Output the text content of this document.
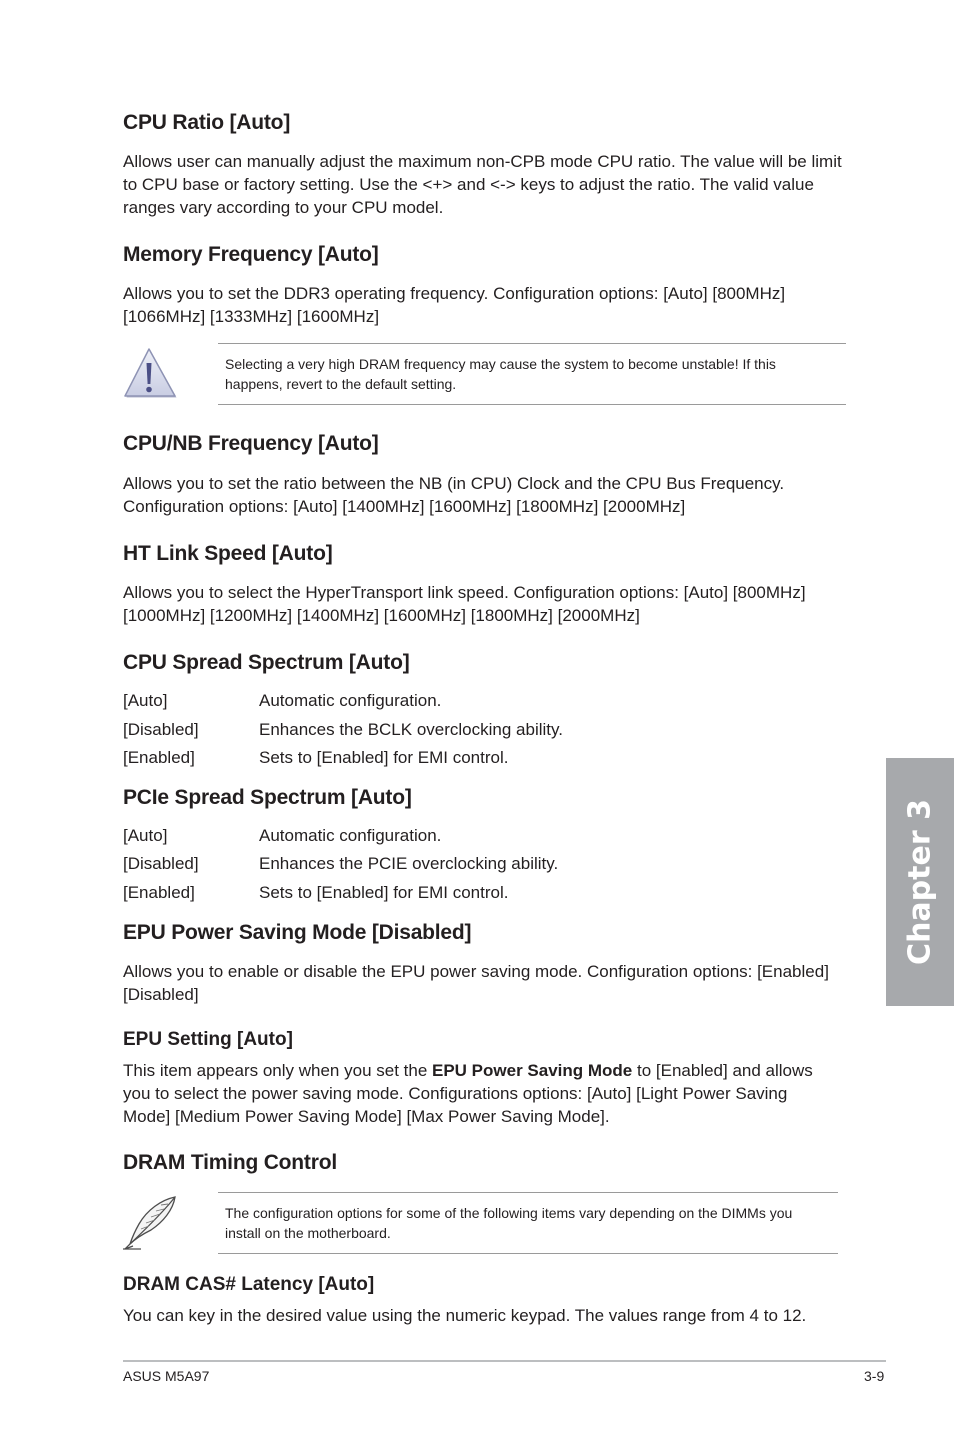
CPU Ratio [Auto]
Allows user can manually adjust the maximum non-CPB mode CPU ratio. The value will be limit to CPU base or factory setting. Use the <+> and <-> keys to adjust the ratio. The valid value ranges vary according to your CPU model.
Memory Frequency [Auto]
Allows you to set the DDR3 operating frequency. Configuration options: [Auto] [800MHz] [1066MHz] [1333MHz] [1600MHz]
Selecting a very high DRAM frequency may cause the system to become unstable! If this happens, revert to the default setting.
CPU/NB Frequency [Auto]
Allows you to set the ratio between the NB (in CPU) Clock and the CPU Bus Frequency. Configuration options: [Auto] [1400MHz] [1600MHz] [1800MHz] [2000MHz]
HT Link Speed [Auto]
Allows you to select the HyperTransport link speed. Configuration options: [Auto] [800MHz] [1000MHz] [1200MHz] [1400MHz] [1600MHz] [1800MHz] [2000MHz]
CPU Spread Spectrum [Auto]
[Auto]	Automatic configuration.
[Disabled]	Enhances the BCLK overclocking ability.
[Enabled]	Sets to [Enabled] for EMI control.
PCIe Spread Spectrum [Auto]
[Auto]	Automatic configuration.
[Disabled]	Enhances the PCIE overclocking ability.
[Enabled]	Sets to [Enabled] for EMI control.
EPU Power Saving Mode [Disabled]
Allows you to enable or disable the EPU power saving mode. Configuration options: [Enabled] [Disabled]
EPU Setting [Auto]
This item appears only when you set the EPU Power Saving Mode to [Enabled] and allows you to select the power saving mode. Configurations options: [Auto] [Light Power Saving Mode] [Medium Power Saving Mode] [Max Power Saving Mode].
DRAM Timing Control
The configuration options for some of the following items vary depending on the DIMMs you install on the motherboard.
DRAM CAS# Latency [Auto]
You can key in the desired value using the numeric keypad. The values range from 4 to 12.
Chapter 3
ASUS M5A97	3-9
